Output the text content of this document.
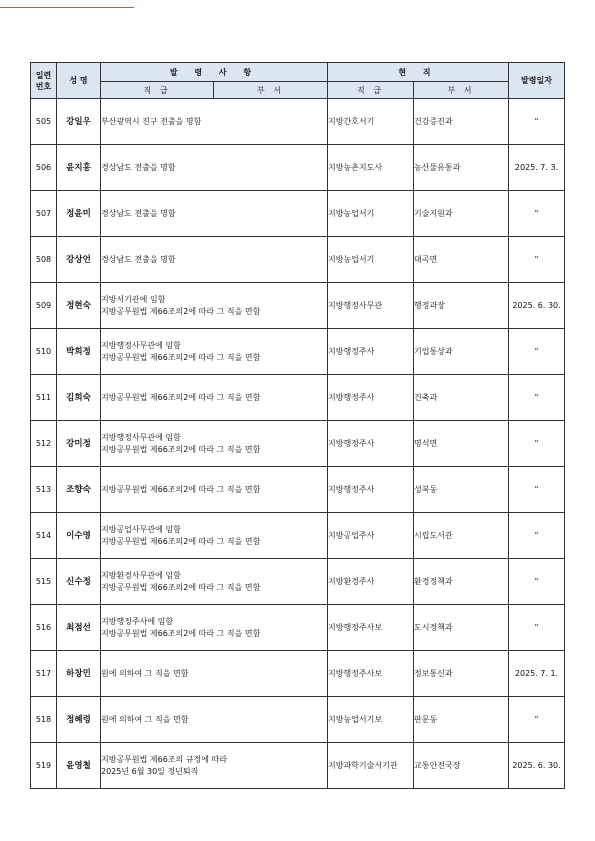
일련
번호	성 명	발 령 사 항		현 직		발령일자
		직 급	부 서	직 급	부 서	
505	강일우	부산광역시 진구 전출을 명함		지방간호서기	건강증진과	"
506	윤지홍	경상남도 전출을 명함		지방농촌지도사	농산물유통과	2025. 7. 3.
507	정윤미	경상남도 전출을 명함		지방농업서기	기술지원과	"
508	강상언	경상남도 전출을 명함		지방농업서기	대곡면	"
509	정현숙	지방서기관에 임함
지방공무원법 제66조의2에 따라 그 직을 면함		지방행정사무관	행정과장	2025. 6. 30.
510	박희정	지방행정사무관에 임함
지방공무원법 제66조의2에 따라 그 직을 면함		지방행정주사	기업통상과	"
511	김희숙	지방공무원법 제66조의2에 따라 그 직을 면함		지방행정주사	건축과	"
512	강미정	지방행정사무관에 임함
지방공무원법 제66조의2에 따라 그 직을 면함		지방행정주사	명석면	"
513	조향숙	지방공무원법 제66조의2에 따라 그 직을 면함		지방행정주사	성북동	"
514	이수영	지방공업사무관에 임함
지방공무원법 제66조의2에 따라 그 직을 면함		지방공업주사	시립도서관	"
515	신수정	지방환경사무관에 임함
지방공무원법 제66조의2에 따라 그 직을 면함		지방환경주사	환경정책과	"
516	최점선	지방행정주사에 임함
지방공무원법 제66조의2에 따라 그 직을 면함		지방행정주사보	도시정책과	"
517	하창민	원에 의하여 그 직을 면함		지방행정주사보	정보통신과	2025. 7. 1.
518	정혜령	원에 의하여 그 직을 면함		지방농업서기보	판문동	"
519	윤영철	지방공무원법 제66조의 규정에 따라
2025년 6월 30일 정년퇴직		지방과학기술서기관	교통안전국장	2025. 6. 30.
